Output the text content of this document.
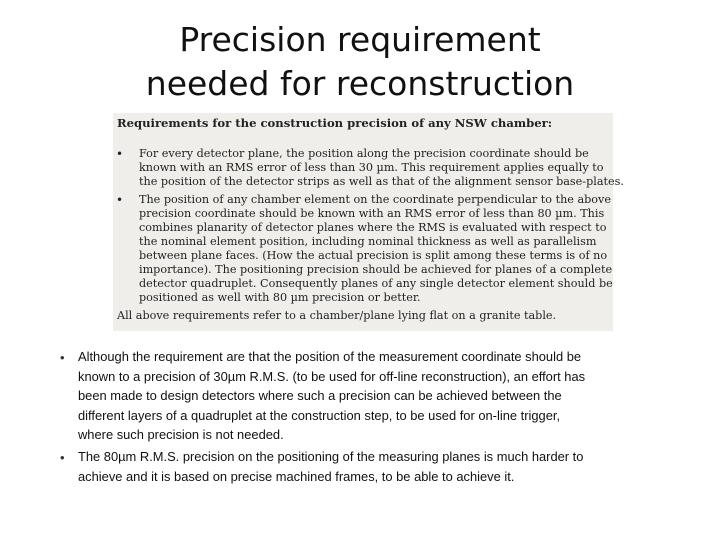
Precision requirement
needed for reconstruction
Requirements for the construction precision of any NSW chamber:
• For every detector plane, the position along the precision coordinate should be
known with an RMS error of less than 30 µm. This requirement applies equally to
the position of the detector strips as well as that of the alignment sensor base-plates.
• The position of any chamber element on the coordinate perpendicular to the above
precision coordinate should be known with an RMS error of less than 80 µm. This
combines planarity of detector planes where the RMS is evaluated with respect to
the nominal element position, including nominal thickness as well as parallelism
between plane faces. (How the actual precision is split among these terms is of no
importance). The positioning precision should be achieved for planes of a complete
detector quadruplet. Consequently planes of any single detector element should be
positioned as well with 80 µm precision or better.
All above requirements refer to a chamber/plane lying flat on a granite table.
• Although the requirement are that the position of the measurement coordinate should be
known to a precision of 30µm R.M.S. (to be used for off-line reconstruction), an effort has
been made to design detectors where such a precision can be achieved between the
different layers of a quadruplet at the construction step, to be used for on-line trigger,
where such precision is not needed.
• The 80µm R.M.S. precision on the positioning of the measuring planes is much harder to
achieve and it is based on precise machined frames, to be able to achieve it.
